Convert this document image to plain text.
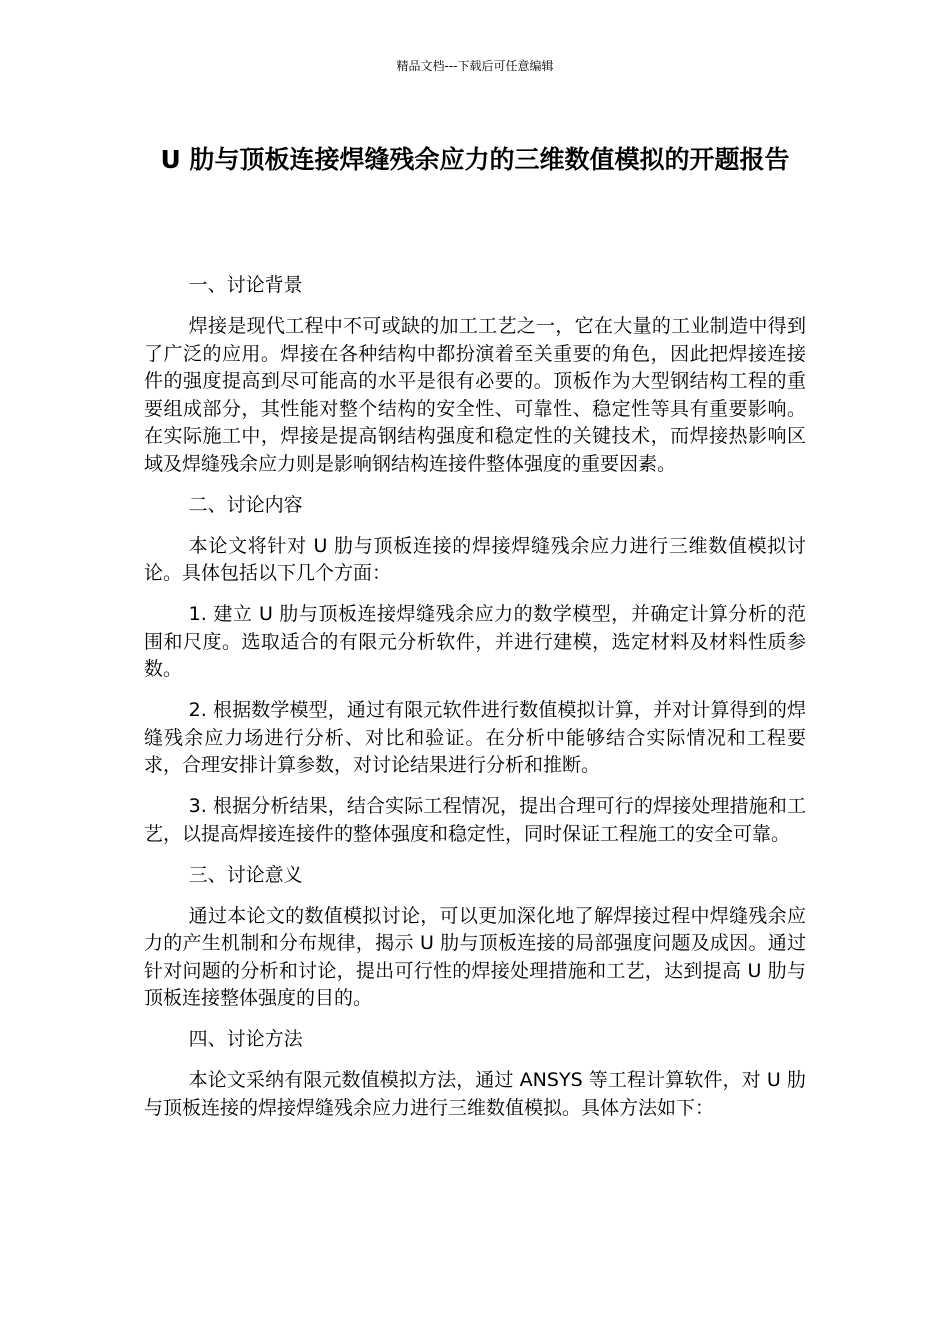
精品文档---下载后可任意编辑
U 肋与顶板连接焊缝残余应力的三维数值模拟的开题报告

一、讨论背景

焊接是现代工程中不可或缺的加工工艺之一，它在大量的工业制造中得到了广泛的应用。焊接在各种结构中都扮演着至关重要的角色，因此把焊接连接件的强度提高到尽可能高的水平是很有必要的。顶板作为大型钢结构工程的重要组成部分，其性能对整个结构的安全性、可靠性、稳定性等具有重要影响。在实际施工中，焊接是提高钢结构强度和稳定性的关键技术，而焊接热影响区域及焊缝残余应力则是影响钢结构连接件整体强度的重要因素。

二、讨论内容

本论文将针对 U 肋与顶板连接的焊接焊缝残余应力进行三维数值模拟讨论。具体包括以下几个方面：

1. 建立 U 肋与顶板连接焊缝残余应力的数学模型，并确定计算分析的范围和尺度。选取适合的有限元分析软件，并进行建模，选定材料及材料性质参数。

2. 根据数学模型，通过有限元软件进行数值模拟计算，并对计算得到的焊缝残余应力场进行分析、对比和验证。在分析中能够结合实际情况和工程要求，合理安排计算参数，对讨论结果进行分析和推断。

3. 根据分析结果，结合实际工程情况，提出合理可行的焊接处理措施和工艺，以提高焊接连接件的整体强度和稳定性，同时保证工程施工的安全可靠。

三、讨论意义

通过本论文的数值模拟讨论，可以更加深化地了解焊接过程中焊缝残余应力的产生机制和分布规律，揭示 U 肋与顶板连接的局部强度问题及成因。通过针对问题的分析和讨论，提出可行性的焊接处理措施和工艺，达到提高 U 肋与顶板连接整体强度的目的。

四、讨论方法

本论文采纳有限元数值模拟方法，通过 ANSYS 等工程计算软件，对 U 肋与顶板连接的焊接焊缝残余应力进行三维数值模拟。具体方法如下：
